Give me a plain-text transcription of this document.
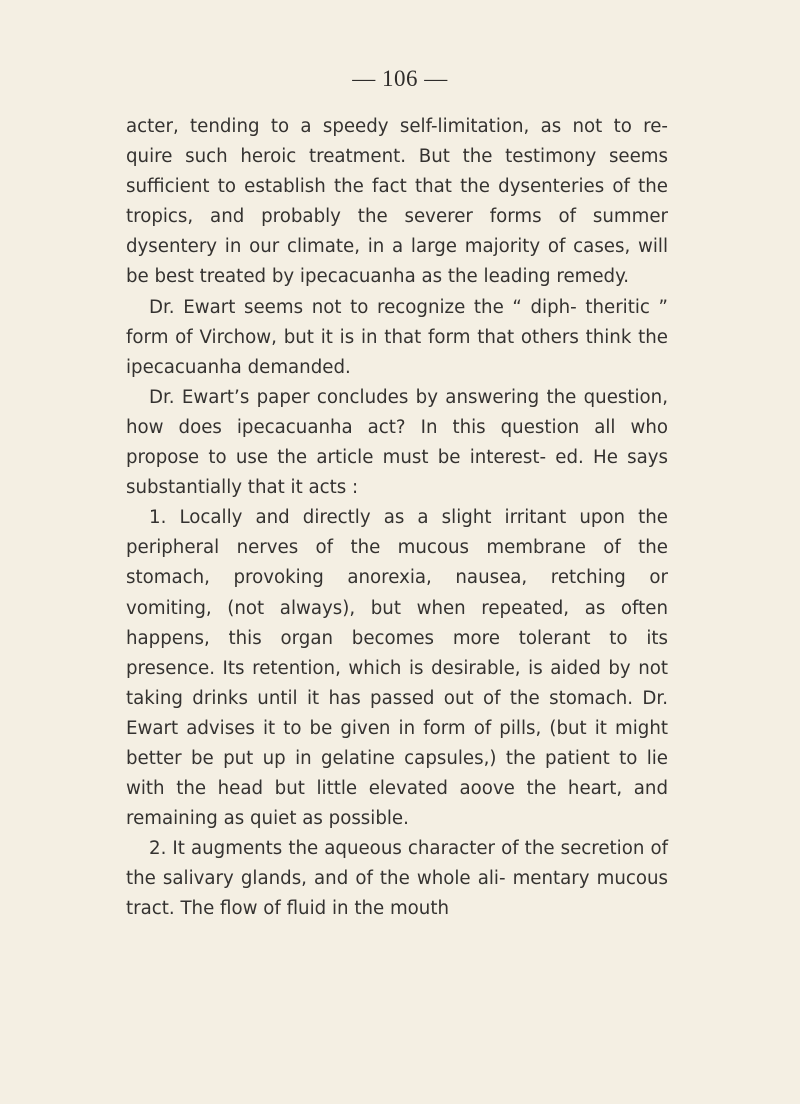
— 106 —

acter, tending to a speedy self-limitation, as not to re- quire such heroic treatment. But the testimony seems sufficient to establish the fact that the dysenteries of the tropics, and probably the severer forms of summer dysentery in our climate, in a large majority of cases, will be best treated by ipecacuanha as the leading remedy.

Dr. Ewart seems not to recognize the “ diph- theritic ” form of Virchow, but it is in that form that others think the ipecacuanha demanded.

Dr. Ewart’s paper concludes by answering the question, how does ipecacuanha act? In this question all who propose to use the article must be interest- ed. He says substantially that it acts :

1. Locally and directly as a slight irritant upon the peripheral nerves of the mucous membrane of the stomach, provoking anorexia, nausea, retching or vomiting, (not always), but when repeated, as often happens, this organ becomes more tolerant to its presence. Its retention, which is desirable, is aided by not taking drinks until it has passed out of the stomach. Dr. Ewart advises it to be given in form of pills, (but it might better be put up in gelatine capsules,) the patient to lie with the head but little elevated aoove the heart, and remaining as quiet as possible.

2. It augments the aqueous character of the secretion of the salivary glands, and of the whole ali- mentary mucous tract. The flow of fluid in the mouth
